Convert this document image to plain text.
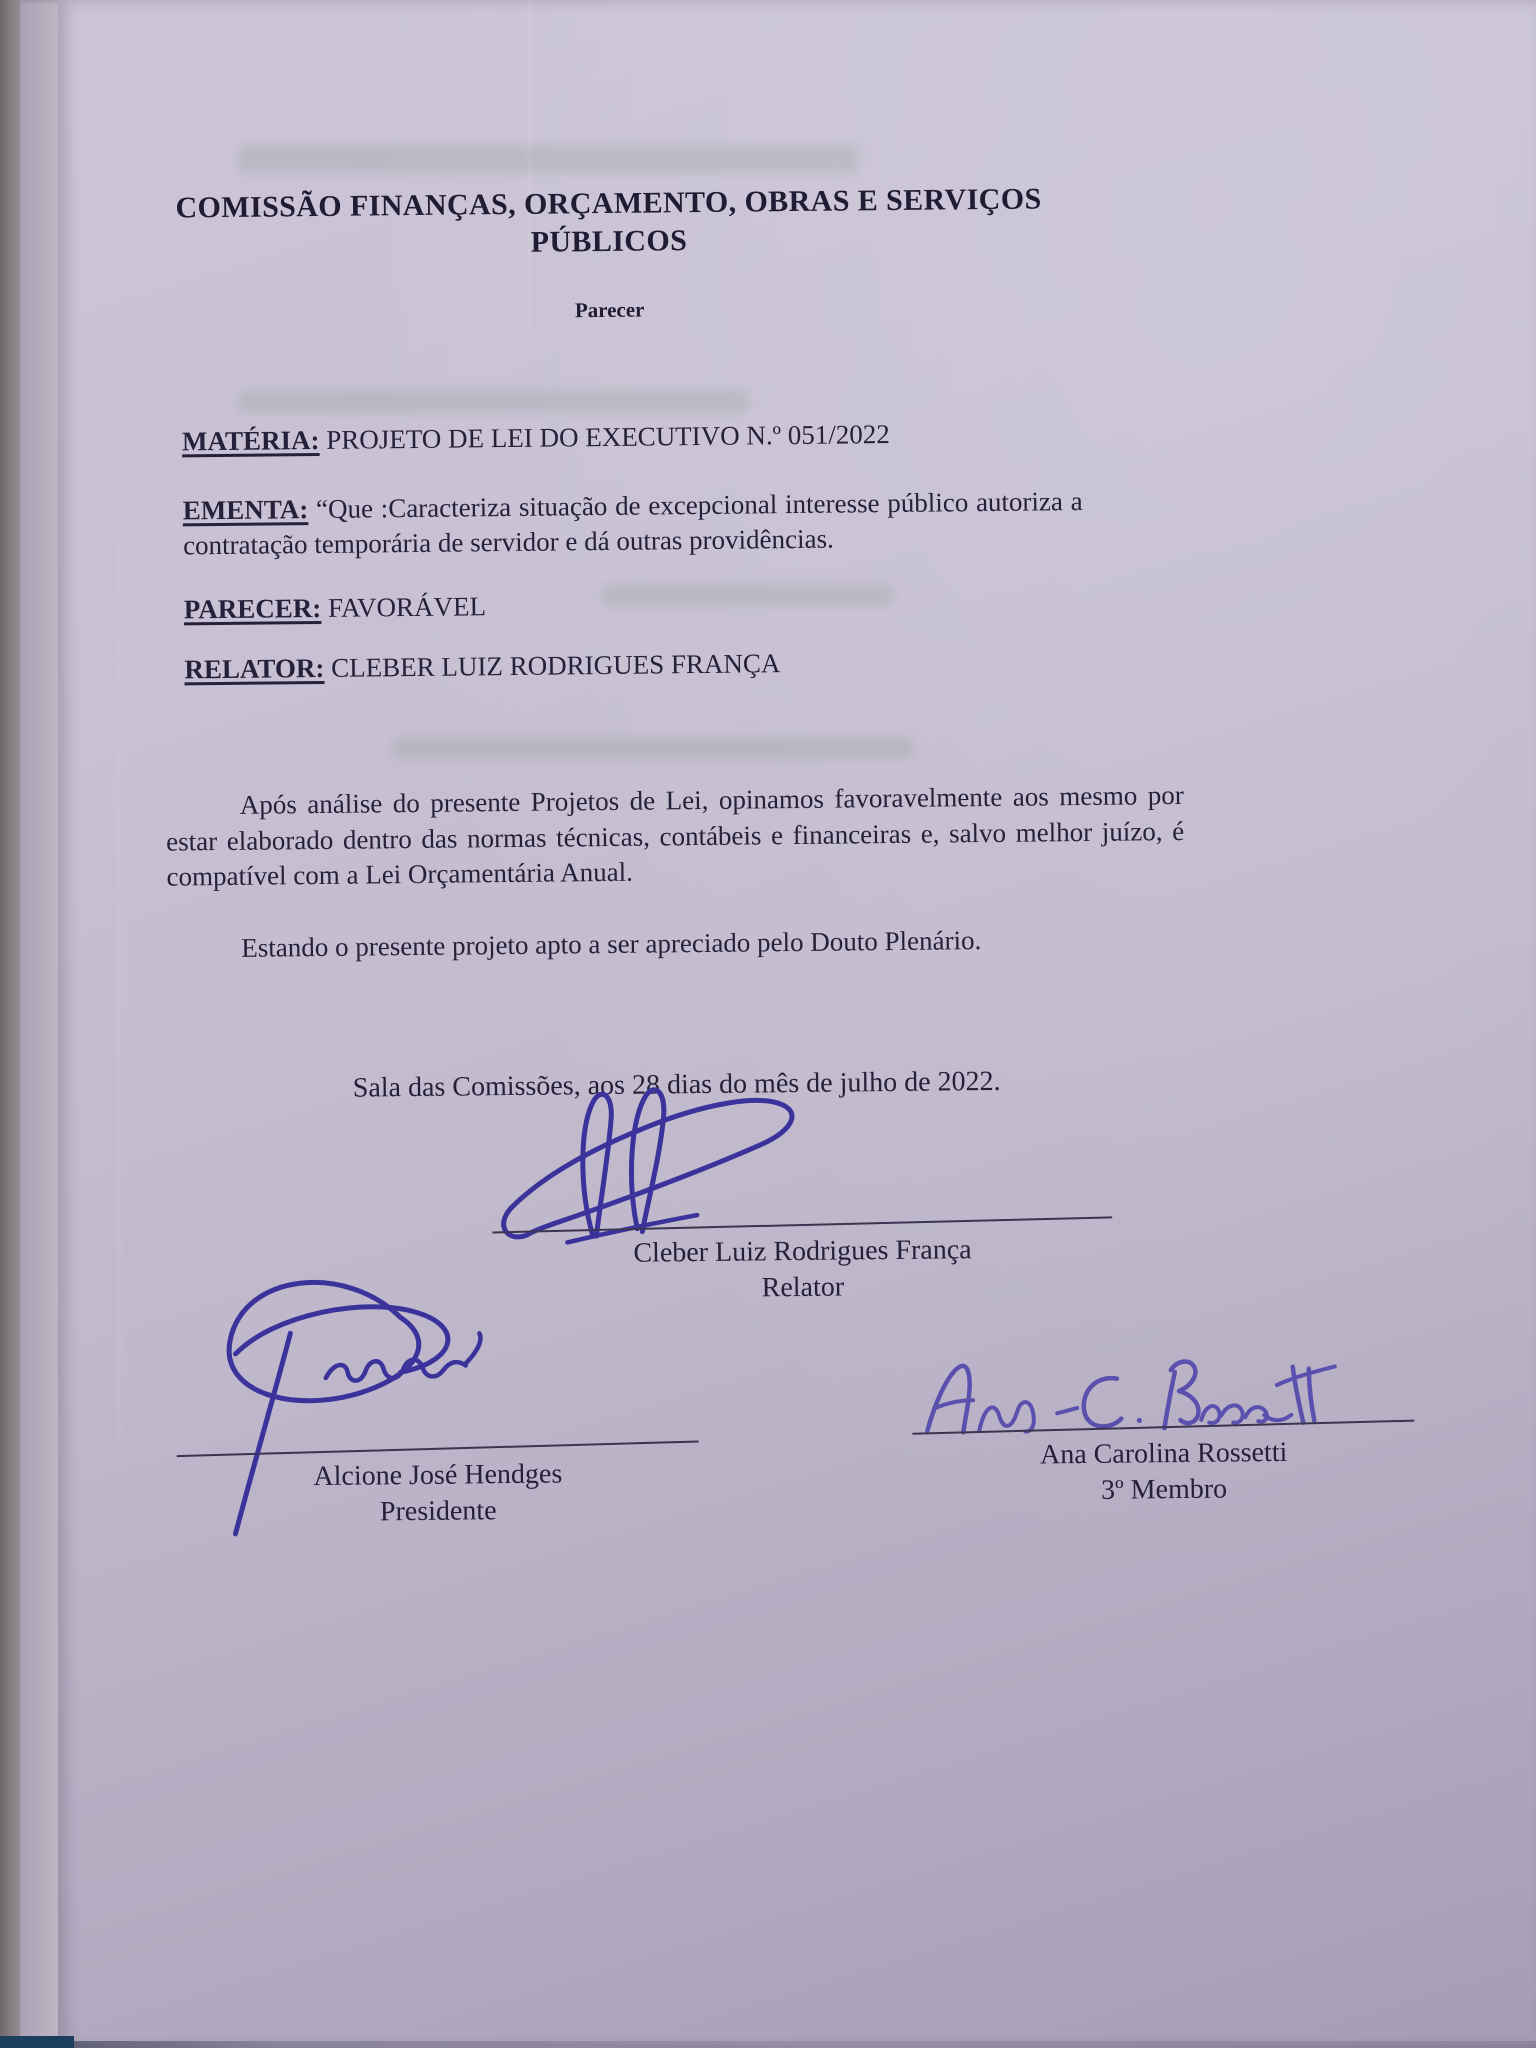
COMISSÃO FINANÇAS, ORÇAMENTO, OBRAS E SERVIÇOS PÚBLICOS
Parecer
MATÉRIA: PROJETO DE LEI DO EXECUTIVO N.º 051/2022
EMENTA: “Que :Caracteriza situação de excepcional interesse público autoriza a contratação temporária de servidor e dá outras providências.
PARECER: FAVORÁVEL
RELATOR: CLEBER LUIZ RODRIGUES FRANÇA
Após análise do presente Projetos de Lei, opinamos favoravelmente aos mesmo por estar elaborado dentro das normas técnicas, contábeis e financeiras e, salvo melhor juízo, é compatível com a Lei Orçamentária Anual.
Estando o presente projeto apto a ser apreciado pelo Douto Plenário.
Sala das Comissões, aos 28 dias do mês de julho de 2022.
Cleber Luiz Rodrigues França
Relator
Alcione José Hendges
Presidente
Ana Carolina Rossetti
3º Membro
